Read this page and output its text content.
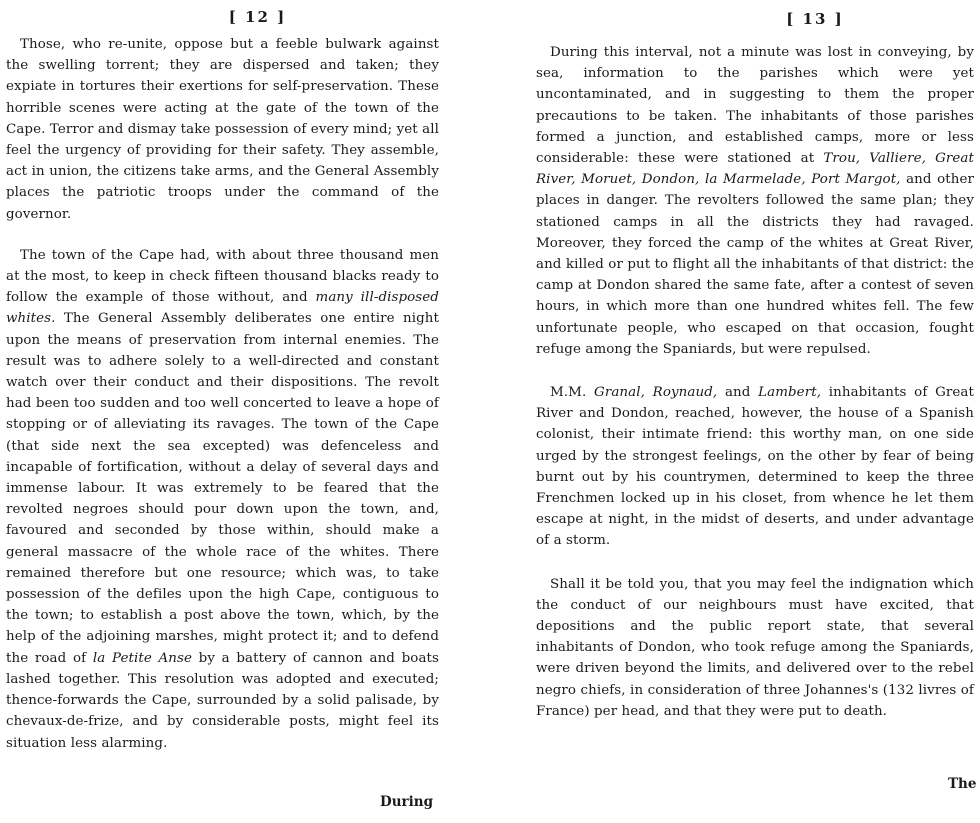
[ 12 ]

Those, who re-unite, oppose but a feeble bulwark against the swelling torrent; they are dispersed and taken; they expiate in tortures their exertions for self-preservation. These horrible scenes were acting at the gate of the town of the Cape. Terror and dismay take possession of every mind; yet all feel the urgency of providing for their safety. They assemble, act in union, the citizens take arms, and the General Assembly places the patriotic troops under the command of the governor.

The town of the Cape had, with about three thousand men at the most, to keep in check fifteen thousand blacks ready to follow the example of those without, and many ill-disposed whites. The General Assembly deliberates one entire night upon the means of preservation from internal enemies. The result was to adhere solely to a well-directed and constant watch over their conduct and their dispositions. The revolt had been too sudden and too well concerted to leave a hope of stopping or of alleviating its ravages. The town of the Cape (that side next the sea excepted) was defenceless and incapable of fortification, without a delay of several days and immense labour. It was extremely to be feared that the revolted negroes should pour down upon the town, and, favoured and seconded by those within, should make a general massacre of the whole race of the whites. There remained therefore but one resource; which was, to take possession of the defiles upon the high Cape, contiguous to the town; to establish a post above the town, which, by the help of the adjoining marshes, might protect it; and to defend the road of la Petite Anse by a battery of cannon and boats lashed together. This resolution was adopted and executed; thence-forwards the Cape, surrounded by a solid palisade, by chevaux-de-frize, and by considerable posts, might feel its situation less alarming.

During
[ 13 ]

During this interval, not a minute was lost in conveying, by sea, information to the parishes which were yet uncontaminated, and in suggesting to them the proper precautions to be taken. The inhabitants of those parishes formed a junction, and established camps, more or less considerable: these were stationed at Trou, Valliere, Great River, Moruet, Dondon, la Marmelade, Port Margot, and other places in danger. The revolters followed the same plan; they stationed camps in all the districts they had ravaged. Moreover, they forced the camp of the whites at Great River, and killed or put to flight all the inhabitants of that district: the camp at Dondon shared the same fate, after a contest of seven hours, in which more than one hundred whites fell. The few unfortunate people, who escaped on that occasion, fought refuge among the Spaniards, but were repulsed.

M.M. Granal, Roynaud, and Lambert, inhabitants of Great River and Dondon, reached, however, the house of a Spanish colonist, their intimate friend: this worthy man, on one side urged by the strongest feelings, on the other by fear of being burnt out by his countrymen, determined to keep the three Frenchmen locked up in his closet, from whence he let them escape at night, in the midst of deserts, and under advantage of a storm.

Shall it be told you, that you may feel the indignation which the conduct of our neighbours must have excited, that depositions and the public report state, that several inhabitants of Dondon, who took refuge among the Spaniards, were driven beyond the limits, and delivered over to the rebel negro chiefs, in consideration of three Johannes's (132 livres of France) per head, and that they were put to death.

The
